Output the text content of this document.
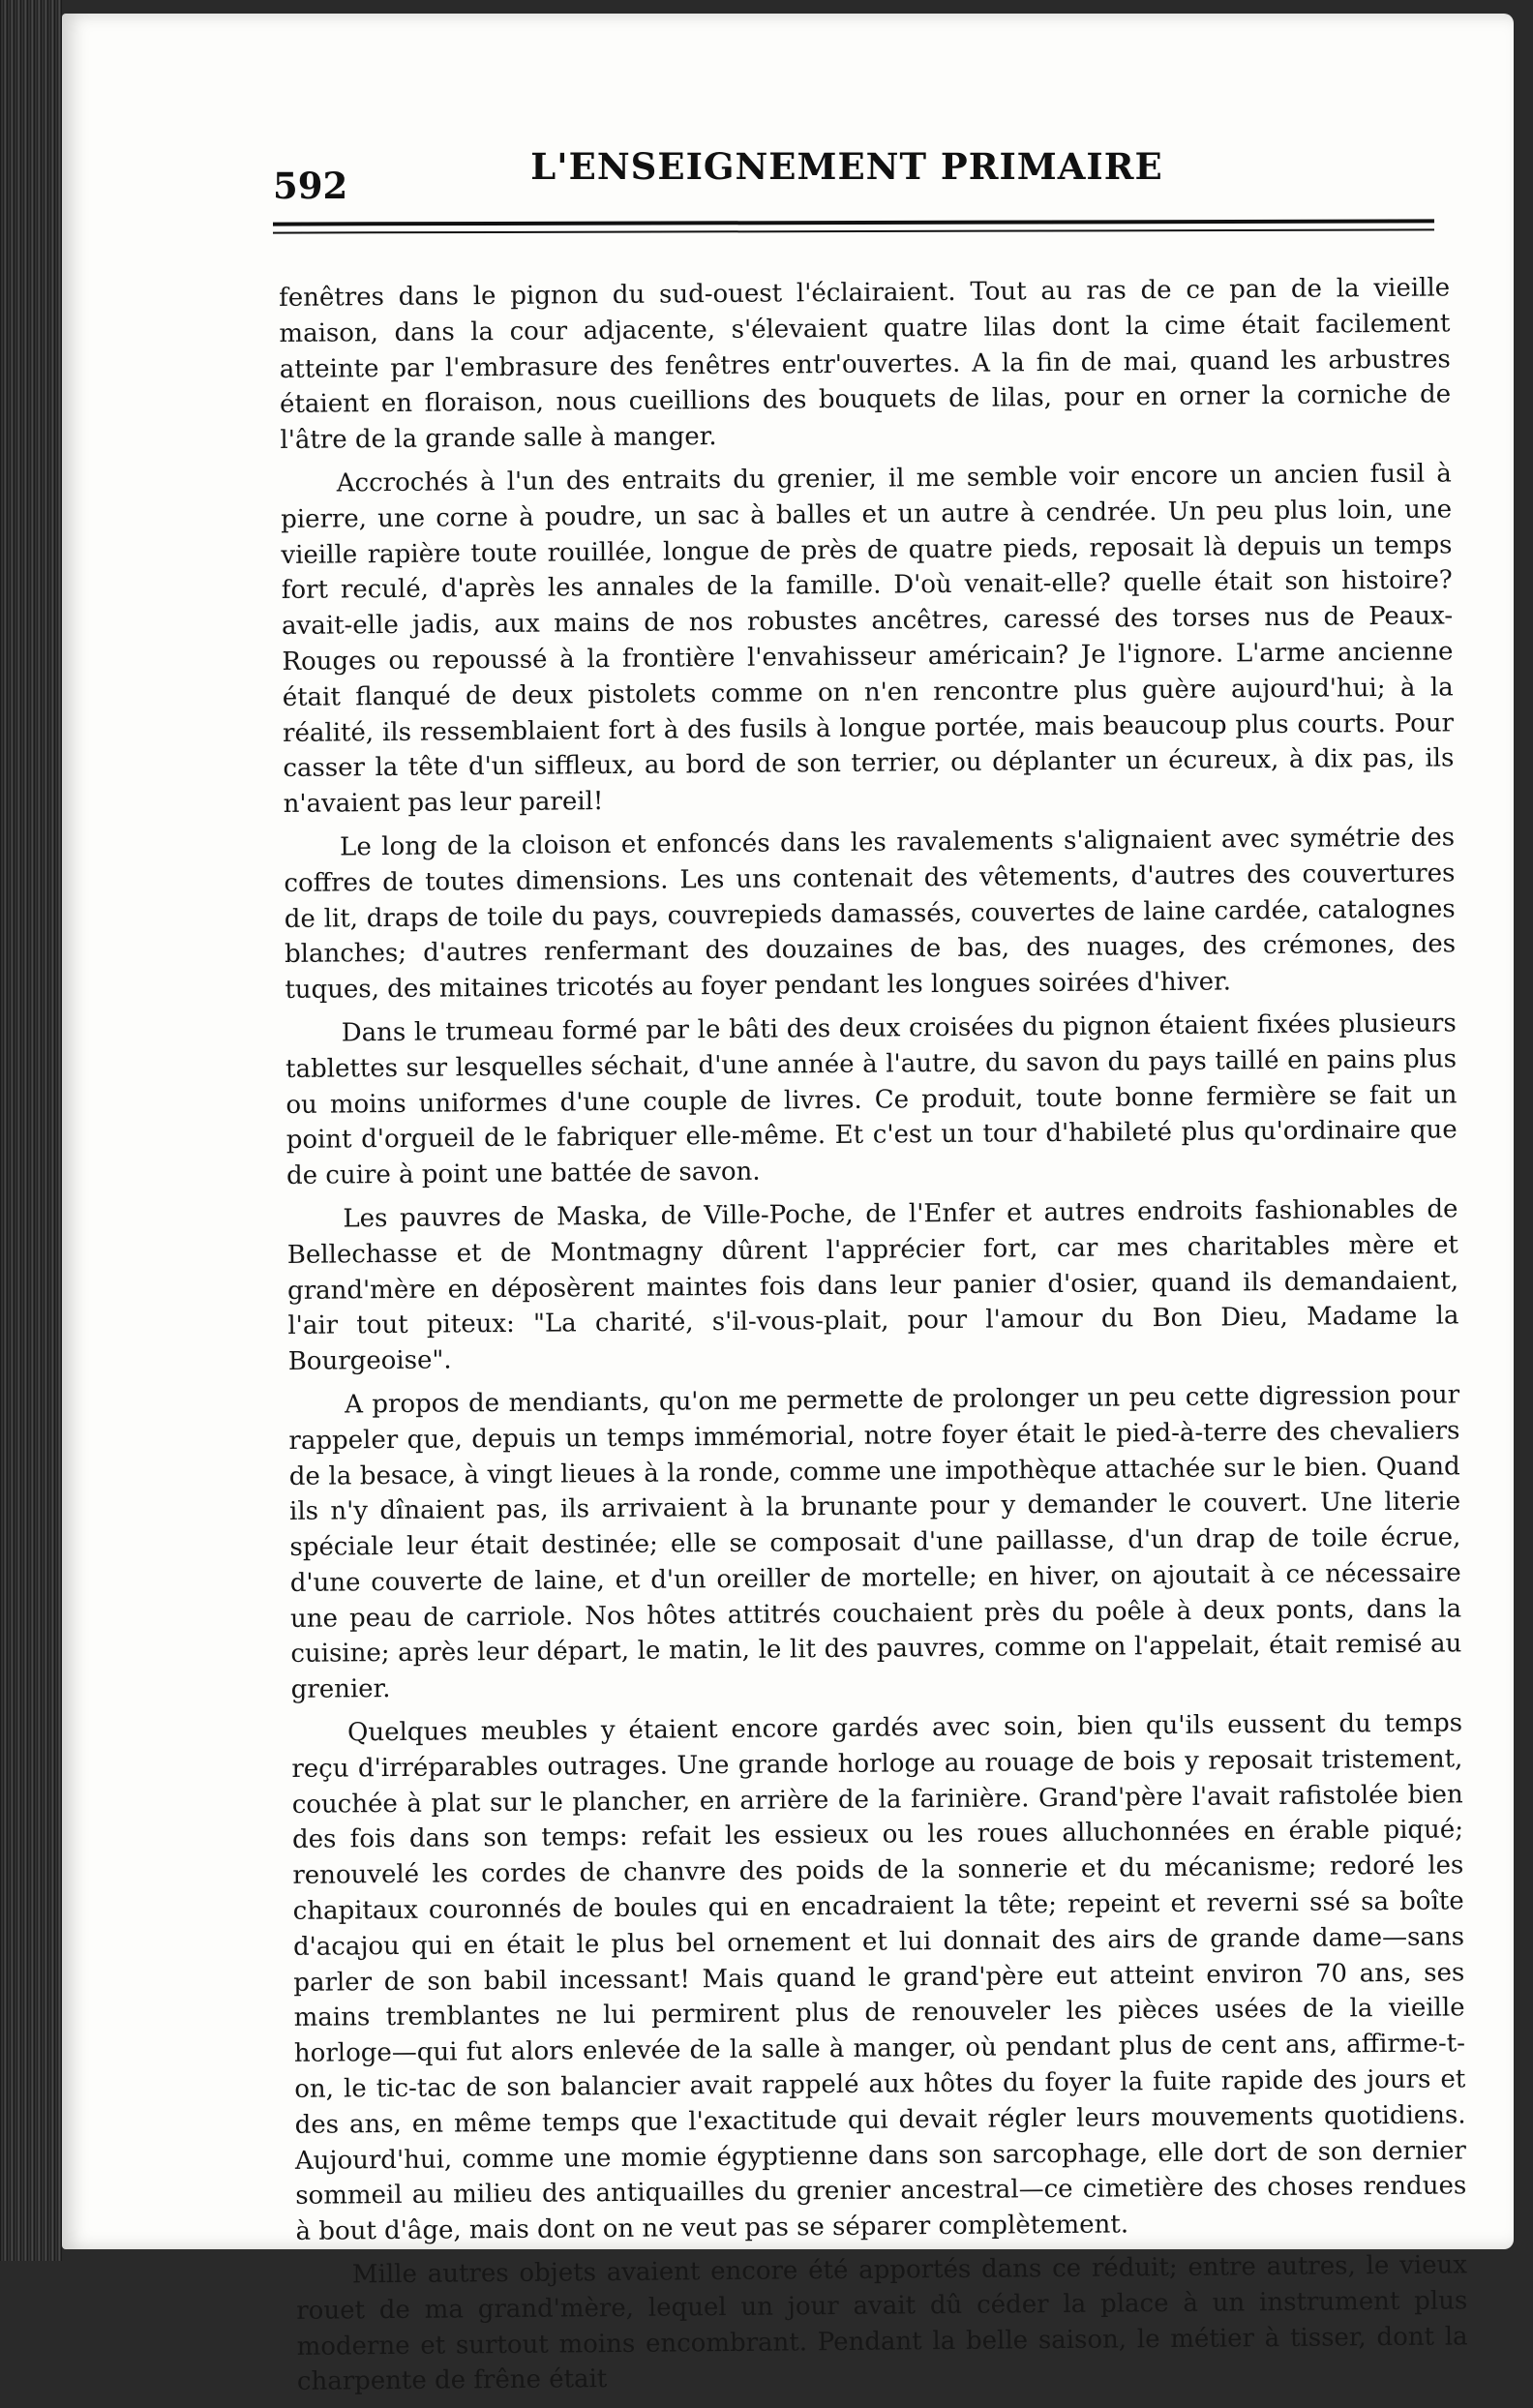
592	L'ENSEIGNEMENT PRIMAIRE

fenêtres dans le pignon du sud-ouest l'éclairaient. Tout au ras de ce pan de la vieille maison, dans la cour adjacente, s'élevaient quatre lilas dont la cime était facilement atteinte par l'embrasure des fenêtres entr'ouvertes. A la fin de mai, quand les arbustres étaient en floraison, nous cueillions des bouquets de lilas, pour en orner la corniche de l'âtre de la grande salle à manger.

Accrochés à l'un des entraits du grenier, il me semble voir encore un ancien fusil à pierre, une corne à poudre, un sac à balles et un autre à cendrée. Un peu plus loin, une vieille rapière toute rouillée, longue de près de quatre pieds, reposait là depuis un temps fort reculé, d'après les annales de la famille. D'où venait-elle? quelle était son histoire? avait-elle jadis, aux mains de nos robustes ancêtres, caressé des torses nus de Peaux-Rouges ou repoussé à la frontière l'envahisseur américain? Je l'ignore. L'arme ancienne était flanqué de deux pistolets comme on n'en rencontre plus guère aujourd'hui; à la réalité, ils ressemblaient fort à des fusils à longue portée, mais beaucoup plus courts. Pour casser la tête d'un siffleux, au bord de son terrier, ou déplanter un écureux, à dix pas, ils n'avaient pas leur pareil!

Le long de la cloison et enfoncés dans les ravalements s'alignaient avec symétrie des coffres de toutes dimensions. Les uns contenait des vêtements, d'autres des couvertures de lit, draps de toile du pays, couvrepieds damassés, couvertes de laine cardée, catalognes blanches; d'autres renfermant des douzaines de bas, des nuages, des crémones, des tuques, des mitaines tricotés au foyer pendant les longues soirées d'hiver.

Dans le trumeau formé par le bâti des deux croisées du pignon étaient fixées plusieurs tablettes sur lesquelles séchait, d'une année à l'autre, du savon du pays taillé en pains plus ou moins uniformes d'une couple de livres. Ce produit, toute bonne fermière se fait un point d'orgueil de le fabriquer elle-même. Et c'est un tour d'habileté plus qu'ordinaire que de cuire à point une battée de savon.

Les pauvres de Maska, de Ville-Poche, de l'Enfer et autres endroits fashionables de Bellechasse et de Montmagny dûrent l'apprécier fort, car mes charitables mère et grand'mère en déposèrent maintes fois dans leur panier d'osier, quand ils demandaient, l'air tout piteux: "La charité, s'il-vous-plait, pour l'amour du Bon Dieu, Madame la Bourgeoise".

A propos de mendiants, qu'on me permette de prolonger un peu cette digression pour rappeler que, depuis un temps immémorial, notre foyer était le pied-à-terre des chevaliers de la besace, à vingt lieues à la ronde, comme une impothèque attachée sur le bien. Quand ils n'y dînaient pas, ils arrivaient à la brunante pour y demander le couvert. Une literie spéciale leur était destinée; elle se composait d'une paillasse, d'un drap de toile écrue, d'une couverte de laine, et d'un oreiller de mortelle; en hiver, on ajoutait à ce nécessaire une peau de carriole. Nos hôtes attitrés couchaient près du poêle à deux ponts, dans la cuisine; après leur départ, le matin, le lit des pauvres, comme on l'appelait, était remisé au grenier.

Quelques meubles y étaient encore gardés avec soin, bien qu'ils eussent du temps reçu d'irréparables outrages. Une grande horloge au rouage de bois y reposait tristement, couchée à plat sur le plancher, en arrière de la farinière. Grand'père l'avait rafistolée bien des fois dans son temps: refait les essieux ou les roues alluchonnées en érable piqué; renouvelé les cordes de chanvre des poids de la sonnerie et du mécanisme; redoré les chapitaux couronnés de boules qui en encadraient la tête; repeint et reverni ssé sa boîte d'acajou qui en était le plus bel ornement et lui donnait des airs de grande dame—sans parler de son babil incessant! Mais quand le grand'père eut atteint environ 70 ans, ses mains tremblantes ne lui permirent plus de renouveler les pièces usées de la vieille horloge—qui fut alors enlevée de la salle à manger, où pendant plus de cent ans, affirme-t-on, le tic-tac de son balancier avait rappelé aux hôtes du foyer la fuite rapide des jours et des ans, en même temps que l'exactitude qui devait régler leurs mouvements quotidiens. Aujourd'hui, comme une momie égyptienne dans son sarcophage, elle dort de son dernier sommeil au milieu des antiquailles du grenier ancestral—ce cimetière des choses rendues à bout d'âge, mais dont on ne veut pas se séparer complètement.

Mille autres objets avaient encore été apportés dans ce réduit; entre autres, le vieux rouet de ma grand'mère, lequel un jour avait dû céder la place à un instrument plus moderne et surtout moins encombrant. Pendant la belle saison, le métier à tisser, dont la charpente de frêne était
